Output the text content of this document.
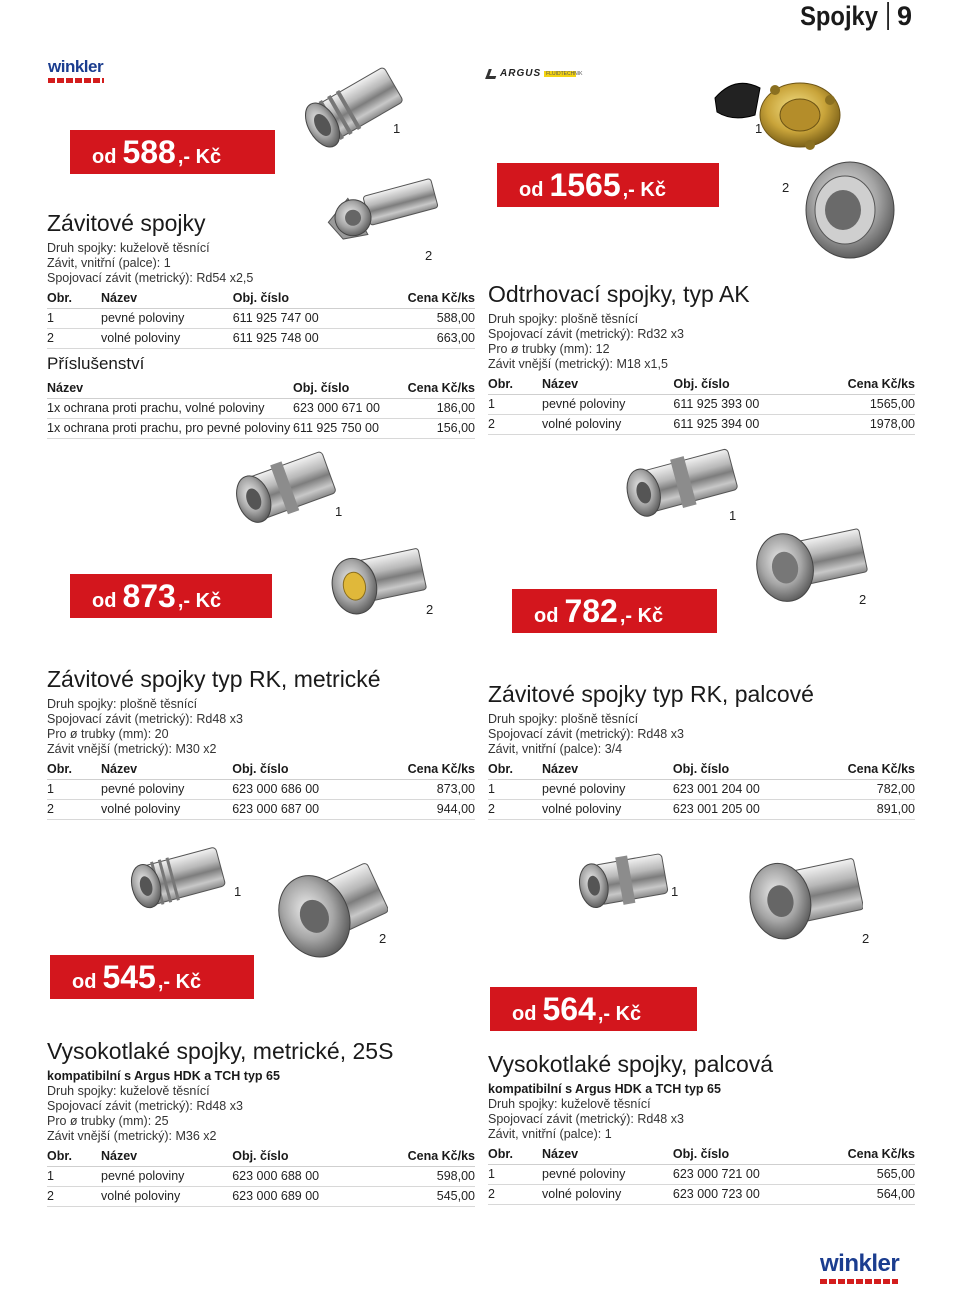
Spojky 9
winkler	ARGUS	FLUIDTECHNIK
1
2
1
2
1
2
1
2
1
2
1
2
od 588 ,- Kč
od 1565 ,- Kč
od 873 ,- Kč
od 782 ,- Kč
od 545 ,- Kč
od 564 ,- Kč
Závitové spojky
Druh spojky: kuželově těsnící
Závit, vnitřní (palce): 1
Spojovací závit (metrický): Rd54 x2,5
Obr.	Název	Obj. číslo	Cena Kč/ks
1	pevné poloviny	611 925 747 00	588,00
2	volné poloviny	611 925 748 00	663,00
Příslušenství
Název	Obj. číslo	Cena Kč/ks
1x ochrana proti prachu, volné poloviny	623 000 671 00	186,00
1x ochrana proti prachu, pro pevné poloviny	611 925 750 00	156,00
Odtrhovací spojky, typ AK
Druh spojky: plošně těsnící
Spojovací závit (metrický): Rd32 x3
Pro ø trubky (mm): 12
Závit vnější (metrický): M18 x1,5
Obr.	Název	Obj. číslo	Cena Kč/ks
1	pevné poloviny	611 925 393 00	1565,00
2	volné poloviny	611 925 394 00	1978,00
Závitové spojky typ RK, metrické
Druh spojky: plošně těsnící
Spojovací závit (metrický): Rd48 x3
Pro ø trubky (mm): 20
Závit vnější (metrický): M30 x2
Obr.	Název	Obj. číslo	Cena Kč/ks
1	pevné poloviny	623 000 686 00	873,00
2	volné poloviny	623 000 687 00	944,00
Závitové spojky typ RK, palcové
Druh spojky: plošně těsnící
Spojovací závit (metrický): Rd48 x3
Závit, vnitřní (palce): 3/4
Obr.	Název	Obj. číslo	Cena Kč/ks
1	pevné poloviny	623 001 204 00	782,00
2	volné poloviny	623 001 205 00	891,00
Vysokotlaké spojky, metrické, 25S
kompatibilní s Argus HDK a TCH typ 65
Druh spojky: kuželově těsnící
Spojovací závit (metrický): Rd48 x3
Pro ø trubky (mm): 25
Závit vnější (metrický): M36 x2
Obr.	Název	Obj. číslo	Cena Kč/ks
1	pevné poloviny	623 000 688 00	598,00
2	volné poloviny	623 000 689 00	545,00
Vysokotlaké spojky, palcová
kompatibilní s Argus HDK a TCH typ 65
Druh spojky: kuželově těsnící
Spojovací závit (metrický): Rd48 x3
Závit, vnitřní (palce): 1
Obr.	Název	Obj. číslo	Cena Kč/ks
1	pevné poloviny	623 000 721 00	565,00
2	volné poloviny	623 000 723 00	564,00
winkler
